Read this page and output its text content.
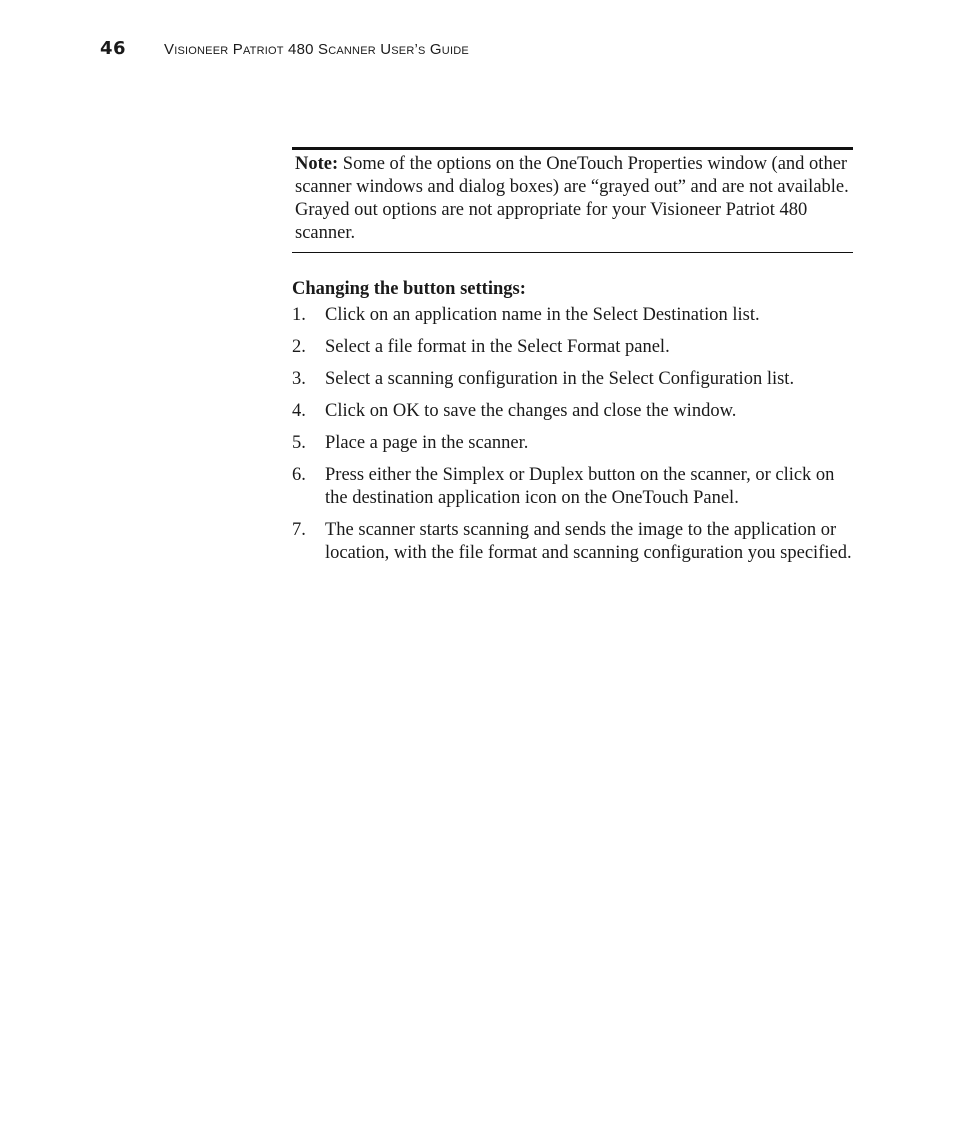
46	Visioneer Patriot 480 Scanner User’s Guide
Note: Some of the options on the OneTouch Properties window (and other scanner windows and dialog boxes) are “grayed out” and are not available. Grayed out options are not appropriate for your Visioneer Patriot 480 scanner.
Changing the button settings:
1.	Click on an application name in the Select Destination list.
2.	Select a file format in the Select Format panel.
3.	Select a scanning configuration in the Select Configuration list.
4.	Click on OK to save the changes and close the window.
5.	Place a page in the scanner.
6.	Press either the Simplex or Duplex button on the scanner, or click on the destination application icon on the OneTouch Panel.
7.	The scanner starts scanning and sends the image to the application or location, with the file format and scanning configuration you specified.
